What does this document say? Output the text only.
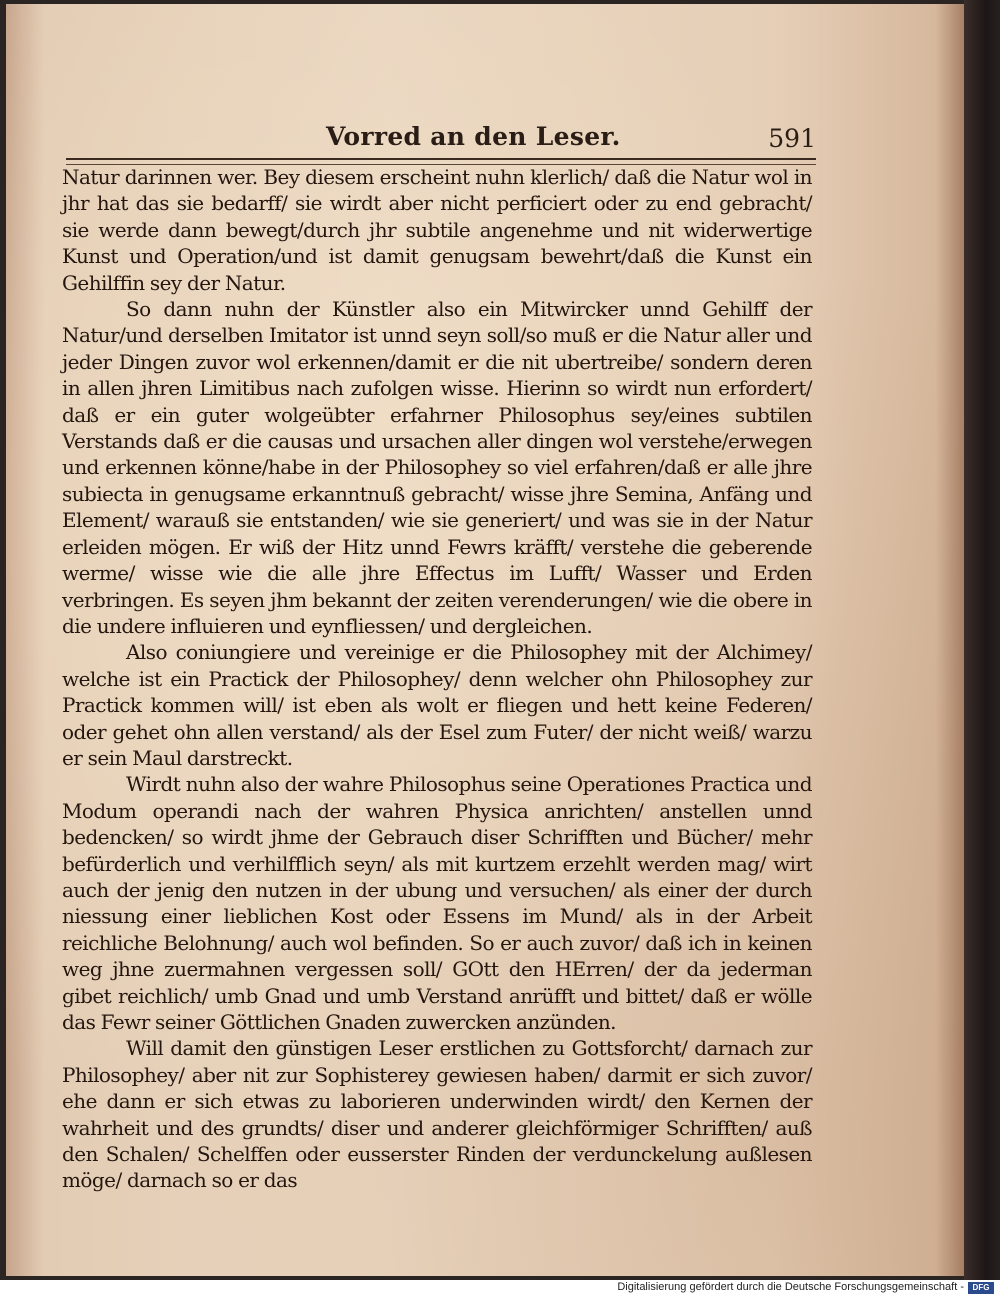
Vorred an den Leser.	591

Natur darinnen wer. Bey diesem erscheint nuhn klerlich/ daß die Natur wol in jhr hat das sie bedarff/ sie wirdt aber nicht perficiert oder zu end gebracht/ sie werde dann bewegt/durch jhr subtile angenehme und nit widerwertige Kunst und Operation/und ist damit genugsam bewehrt/daß die Kunst ein Gehilffin sey der Natur.

So dann nuhn der Künstler also ein Mitwircker unnd Gehilff der Natur/und derselben Imitator ist unnd seyn soll/so muß er die Natur aller und jeder Dingen zuvor wol erkennen/damit er die nit ubertreibe/ sondern deren in allen jhren Limitibus nach zufolgen wisse. Hierinn so wirdt nun erfordert/ daß er ein guter wolgeübter erfahrner Philosophus sey/eines subtilen Verstands daß er die causas und ursachen aller dingen wol verstehe/erwegen und erkennen könne/habe in der Philosophey so viel erfahren/daß er alle jhre subiecta in genugsame erkanntnuß gebracht/ wisse jhre Semina, Anfäng und Element/ warauß sie entstanden/ wie sie generiert/ und was sie in der Natur erleiden mögen. Er wiß der Hitz unnd Fewrs kräfft/ verstehe die geberende werme/ wisse wie die alle jhre Effectus im Lufft/ Wasser und Erden verbringen. Es seyen jhm bekannt der zeiten verenderungen/ wie die obere in die undere influieren und eynfliessen/ und dergleichen.

Also coniungiere und vereinige er die Philosophey mit der Alchimey/ welche ist ein Practick der Philosophey/ denn welcher ohn Philosophey zur Practick kommen will/ ist eben als wolt er fliegen und hett keine Federen/ oder gehet ohn allen verstand/ als der Esel zum Futer/ der nicht weiß/ warzu er sein Maul darstreckt.

Wirdt nuhn also der wahre Philosophus seine Operationes Practica und Modum operandi nach der wahren Physica anrichten/ anstellen unnd bedencken/ so wirdt jhme der Gebrauch diser Schrifften und Bücher/ mehr befürderlich und verhilfflich seyn/ als mit kurtzem erzehlt werden mag/ wirt auch der jenig den nutzen in der ubung und versuchen/ als einer der durch niessung einer lieblichen Kost oder Essens im Mund/ als in der Arbeit reichliche Belohnung/ auch wol befinden. So er auch zuvor/ daß ich in keinen weg jhne zuermahnen vergessen soll/ GOtt den HErren/ der da jederman gibet reichlich/ umb Gnad und umb Verstand anrüfft und bittet/ daß er wölle das Fewr seiner Göttlichen Gnaden zuwercken anzünden.

Will damit den günstigen Leser erstlichen zu Gottsforcht/ darnach zur Philosophey/ aber nit zur Sophisterey gewiesen haben/ darmit er sich zuvor/ ehe dann er sich etwas zu laborieren underwinden wirdt/ den Kernen der wahrheit und des grundts/ diser und anderer gleichförmiger Schrifften/ auß den Schalen/ Schelffen oder eusserster Rinden der verdunckelung außlesen möge/ darnach so er das

Digitalisierung gefördert durch die Deutsche Forschungsgemeinschaft -	DFG
